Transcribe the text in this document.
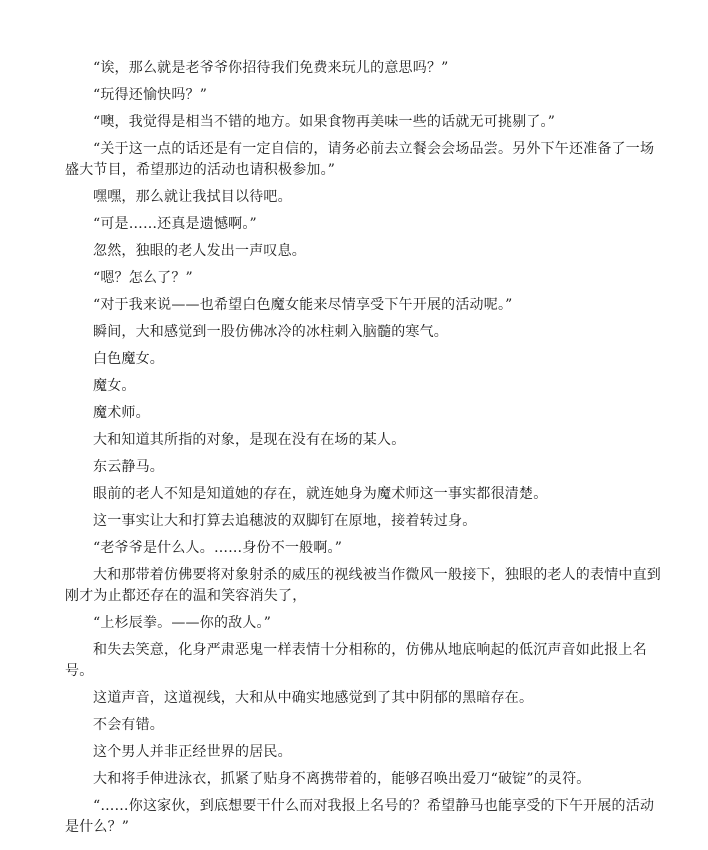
“诶，那么就是老爷爷你招待我们免费来玩儿的意思吗？”

“玩得还愉快吗？”

“噢，我觉得是相当不错的地方。如果食物再美味一些的话就无可挑剔了。”

“关于这一点的话还是有一定自信的，请务必前去立餐会会场品尝。另外下午还准备了一场盛大节目，希望那边的活动也请积极参加。”

嘿嘿，那么就让我拭目以待吧。

“可是……还真是遗憾啊。”

忽然，独眼的老人发出一声叹息。

“嗯？怎么了？”

“对于我来说——也希望白色魔女能来尽情享受下午开展的活动呢。”

瞬间，大和感觉到一股仿佛冰冷的冰柱刺入脑髓的寒气。

白色魔女。

魔女。

魔术师。

大和知道其所指的对象，是现在没有在场的某人。

东云静马。

眼前的老人不知是知道她的存在，就连她身为魔术师这一事实都很清楚。

这一事实让大和打算去追穗波的双脚钉在原地，接着转过身。

“老爷爷是什么人。……身份不一般啊。”

大和那带着仿佛要将对象射杀的威压的视线被当作微风一般接下，独眼的老人的表情中直到刚才为止都还存在的温和笑容消失了，

“上杉辰拳。——你的敌人。”

和失去笑意，化身严肃恶鬼一样表情十分相称的，仿佛从地底响起的低沉声音如此报上名号。

这道声音，这道视线，大和从中确实地感觉到了其中阴郁的黑暗存在。

不会有错。

这个男人并非正经世界的居民。

大和将手伸进泳衣，抓紧了贴身不离携带着的，能够召唤出爱刀“破锭”的灵符。

“……你这家伙，到底想要干什么而对我报上名号的？希望静马也能享受的下午开展的活动是什么？”
